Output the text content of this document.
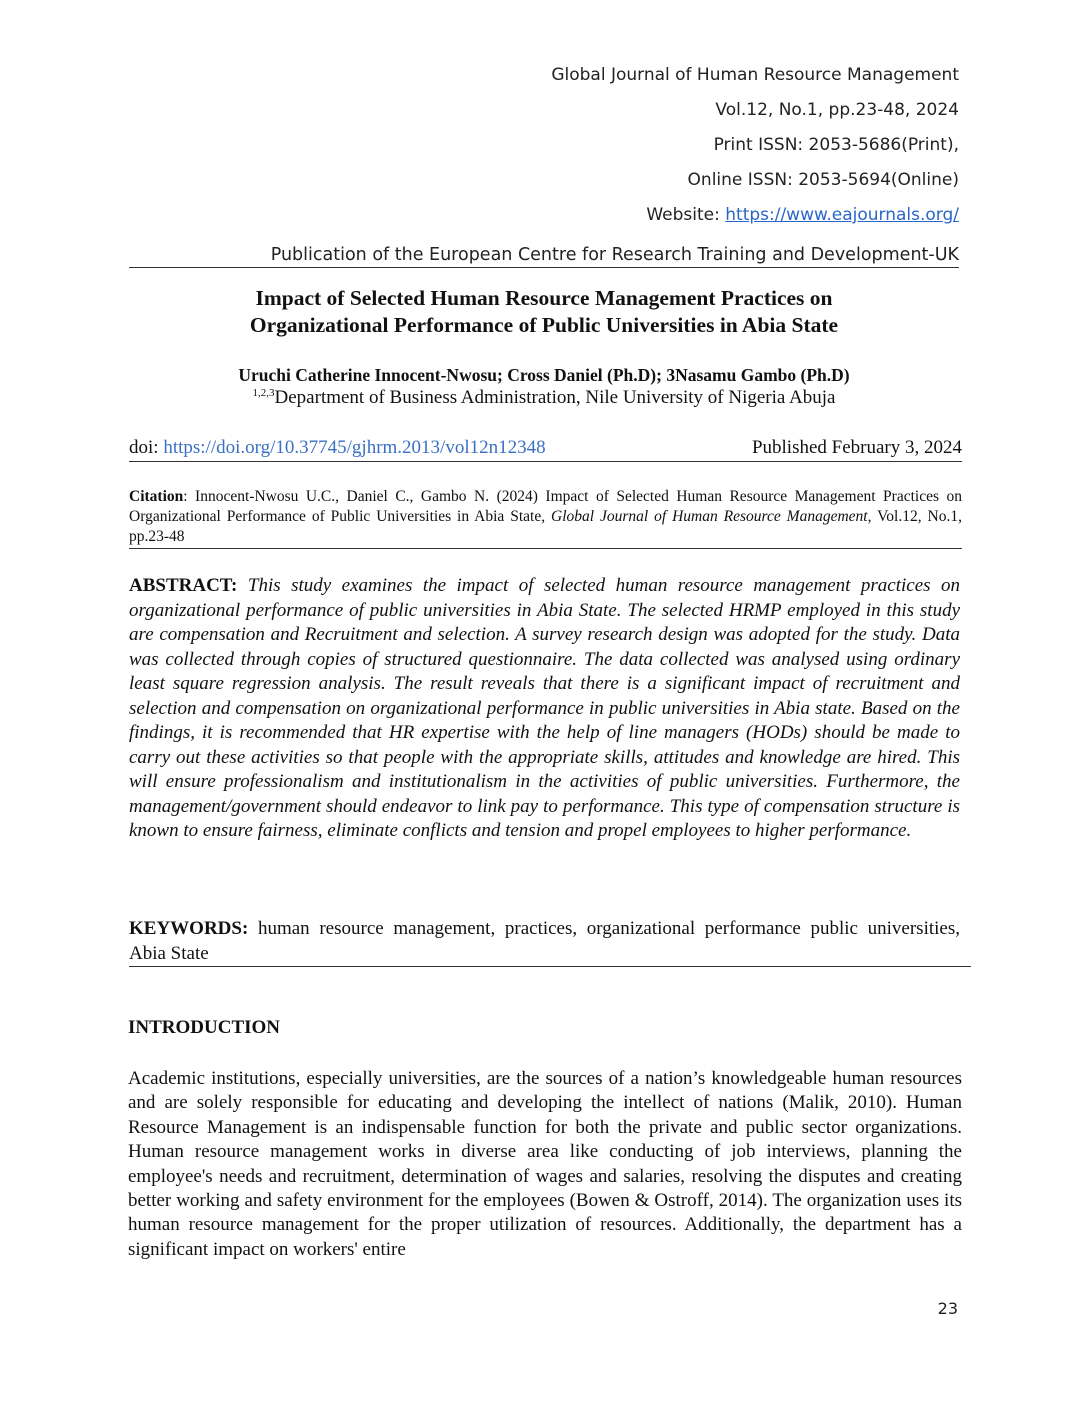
Global Journal of Human Resource Management
Vol.12, No.1, pp.23-48, 2024
Print ISSN: 2053-5686(Print),
Online ISSN: 2053-5694(Online)
Website: https://www.eajournals.org/
Publication of the European Centre for Research Training and Development-UK
Impact of Selected Human Resource Management Practices on
Organizational Performance of Public Universities in Abia State
Uruchi Catherine Innocent-Nwosu; Cross Daniel (Ph.D); 3Nasamu Gambo (Ph.D)
$^{1,2,3}$Department of Business Administration, Nile University of Nigeria Abuja
doi: https://doi.org/10.37745/gjhrm.2013/vol12n12348	Published February 3, 2024
Citation: Innocent-Nwosu U.C., Daniel C., Gambo N. (2024) Impact of Selected Human Resource Management Practices on Organizational Performance of Public Universities in Abia State, Global Journal of Human Resource Management, Vol.12, No.1, pp.23-48
ABSTRACT: This study examines the impact of selected human resource management practices on organizational performance of public universities in Abia State. The selected HRMP employed in this study are compensation and Recruitment and selection. A survey research design was adopted for the study. Data was collected through copies of structured questionnaire. The data collected was analysed using ordinary least square regression analysis. The result reveals that there is a significant impact of recruitment and selection and compensation on organizational performance in public universities in Abia state. Based on the findings, it is recommended that HR expertise with the help of line managers (HODs) should be made to carry out these activities so that people with the appropriate skills, attitudes and knowledge are hired. This will ensure professionalism and institutionalism in the activities of public universities. Furthermore, the management/government should endeavor to link pay to performance. This type of compensation structure is known to ensure fairness, eliminate conflicts and tension and propel employees to higher performance.
KEYWORDS: human resource management, practices, organizational performance public universities, Abia State
INTRODUCTION
Academic institutions, especially universities, are the sources of a nation’s knowledgeable human resources and are solely responsible for educating and developing the intellect of nations (Malik, 2010). Human Resource Management is an indispensable function for both the private and public sector organizations. Human resource management works in diverse area like conducting of job interviews, planning the employee's needs and recruitment, determination of wages and salaries, resolving the disputes and creating better working and safety environment for the employees (Bowen & Ostroff, 2014). The organization uses its human resource management for the proper utilization of resources. Additionally, the department has a significant impact on workers' entire
23
